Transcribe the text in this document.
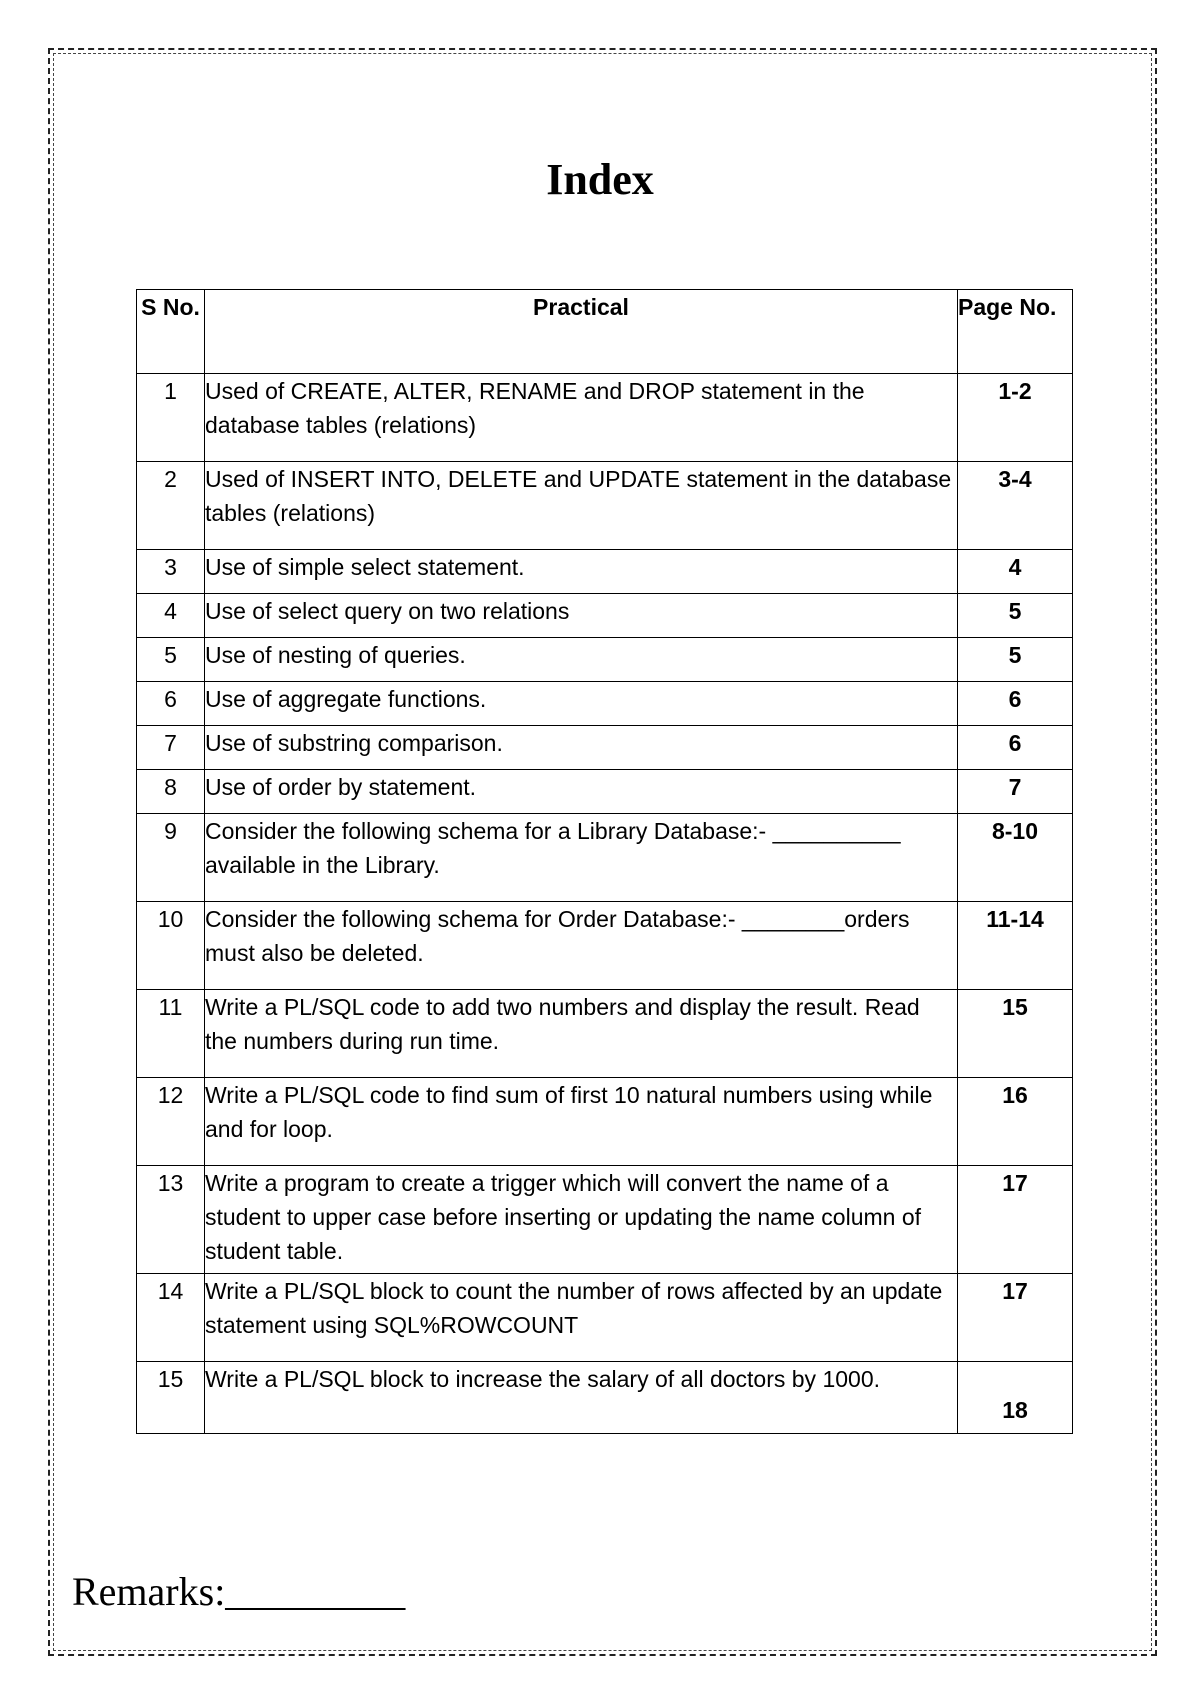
Index
S No.	Practical	Page No.
1	Used of CREATE, ALTER, RENAME and DROP statement in the database tables (relations)	1-2
2	Used of INSERT INTO, DELETE and UPDATE statement in the database tables (relations)	3-4
3	Use of simple select statement.	4
4	Use of select query on two relations	5
5	Use of nesting of queries.	5
6	Use of aggregate functions.	6
7	Use of substring comparison.	6
8	Use of order by statement.	7
9	Consider the following schema for a Library Database:- __________ available in the Library.	8-10
10	Consider the following schema for Order Database:- ________orders must also be deleted.	11-14
11	Write a PL/SQL code to add two numbers and display the result. Read the numbers during run time.	15
12	Write a PL/SQL code to find sum of first 10 natural numbers using while and for loop.	16
13	Write a program to create a trigger which will convert the name of a student to upper case before inserting or updating the name column of student table.	17
14	Write a PL/SQL block to count the number of rows affected by an update statement using SQL%ROWCOUNT	17
15	Write a PL/SQL block to increase the salary of all doctors by 1000.	18
Remarks:_________
